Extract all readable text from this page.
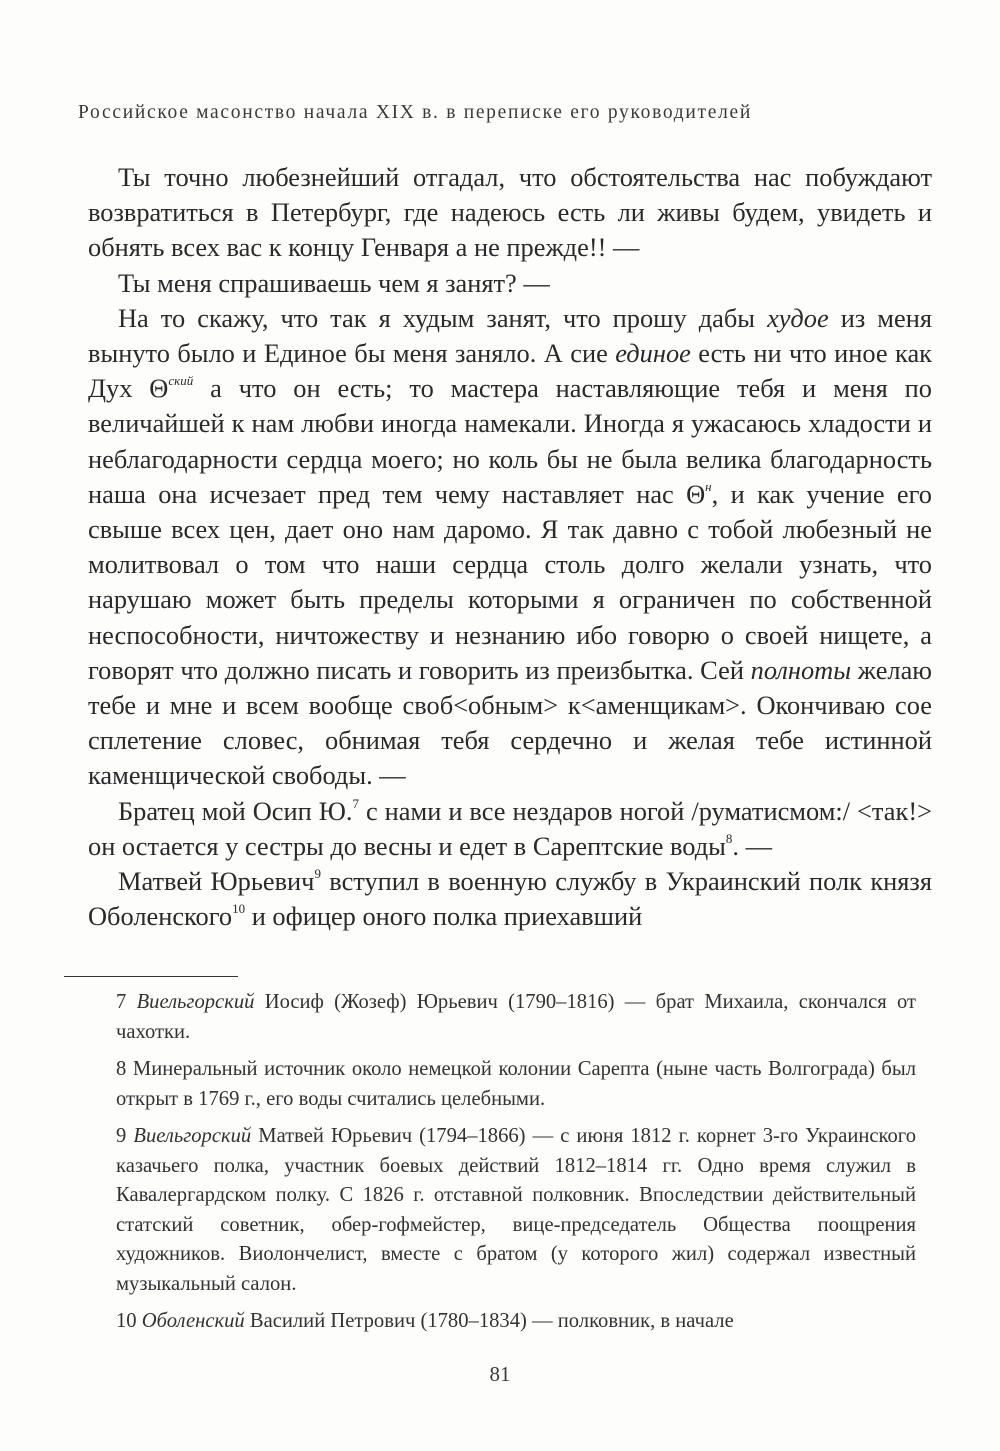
Российское масонство начала XIX в. в переписке его руководителей

Ты точно любезнейший отгадал, что обстоятельства нас побуждают возвратиться в Петербург, где надеюсь есть ли живы будем, увидеть и обнять всех вас к концу Генваря а не прежде!! —

Ты меня спрашиваешь чем я занят? —

На то скажу, что так я худым занят, что прошу дабы худое из меня вынуто было и Единое бы меня заняло. А сие единое есть ни что иное как Дух $\Theta^{ский}$ а что он есть; то мастера наставляющие тебя и меня по величайшей к нам любви иногда намекали. Иногда я ужасаюсь хладости и неблагодарности сердца моего; но коль бы не была велика благодарность наша она исчезает пред тем чему наставляет нас $\Theta^н$, и как учение его свыше всех цен, дает оно нам даромо. Я так давно с тобой любезный не молитвовал о том что наши сердца столь долго желали узнать, что нарушаю может быть пределы которыми я ограничен по собственной неспособности, ничтожеству и незнанию ибо говорю о своей нищете, а говорят что должно писать и говорить из преизбытка. Сей полноты желаю тебе и мне и всем вообще своб<обным> к<аменщикам>. Окончиваю сое сплетение словес, обнимая тебя сердечно и желая тебе истинной каменщической свободы. —

Братец мой Осип Ю.$^7$ с нами и все нездаров ногой /руматисмом:/ <так!> он остается у сестры до весны и едет в Сарептские воды$^8$. —

Матвей Юрьевич$^9$ вступил в военную службу в Украинский полк князя Оболенского$^{10}$ и офицер оного полка приехавший

7 Виельгорский Иосиф (Жозеф) Юрьевич (1790–1816) — брат Михаила, скончался от чахотки.

8 Минеральный источник около немецкой колонии Сарепта (ныне часть Волгограда) был открыт в 1769 г., его воды считались целебными.

9 Виельгорский Матвей Юрьевич (1794–1866) — с июня 1812 г. корнет 3-го Украинского казачьего полка, участник боевых действий 1812–1814 гг. Одно время служил в Кавалергардском полку. С 1826 г. отставной полковник. Впоследствии действительный статский советник, обер-гофмейстер, вице-председатель Общества поощрения художников. Виолончелист, вместе с братом (у которого жил) содержал известный музыкальный салон.

10 Оболенский Василий Петрович (1780–1834) — полковник, в начале

81
